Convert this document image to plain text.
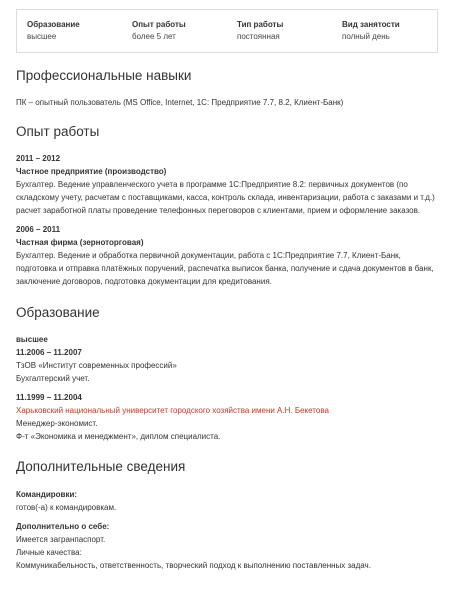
Образование
высшее
Опыт работы
более 5 лет
Тип работы
постоянная
Вид занятости
полный день
Профессиональные навыки

ПК – опытный пользователь (MS Office, Internet, 1С: Предприятие 7.7, 8.2, Клиент-Банк)

Опыт работы

2011 – 2012

Частное предприятие (производство)

Бухгалтер. Ведение управленческого учета в программе 1С:Предприятие 8.2: первичных документов (по складскому учету, расчетам с поставщиками, касса, контроль склада, инвентаризации, работа с заказами и т.д.) расчет заработной платы проведение телефонных переговоров с клиентами, прием и оформление заказов.

2006 – 2011

Частная фирма (зерноторговая)

Бухгалтер. Ведение и обработка первичной документации, работа с 1С:Предприятие 7.7, Клиент-Банк, подготовка и отправка платёжных поручений, распечатка выписок банка, получение и сдача документов в банк, заключение договоров, подготовка документации для кредитования.

Образование

высшее

11.2006 – 11.2007

ТзОВ «Институт современных профессий»

Бухгалтерский учет.

11.1999 – 11.2004

Харьковский национальный университет городского хозяйства имени А.Н. Бекетова

Менеджер-экономист.

Ф-т «Экономика и менеджмент», диплом специалиста.

Дополнительные сведения

Командировки:

готов(-а) к командировкам.

Дополнительно о себе:

Имеется загранпаспорт.

Личные качества:

Коммуникабельность, ответственность, творческий подход к выполнению поставленных задач.
